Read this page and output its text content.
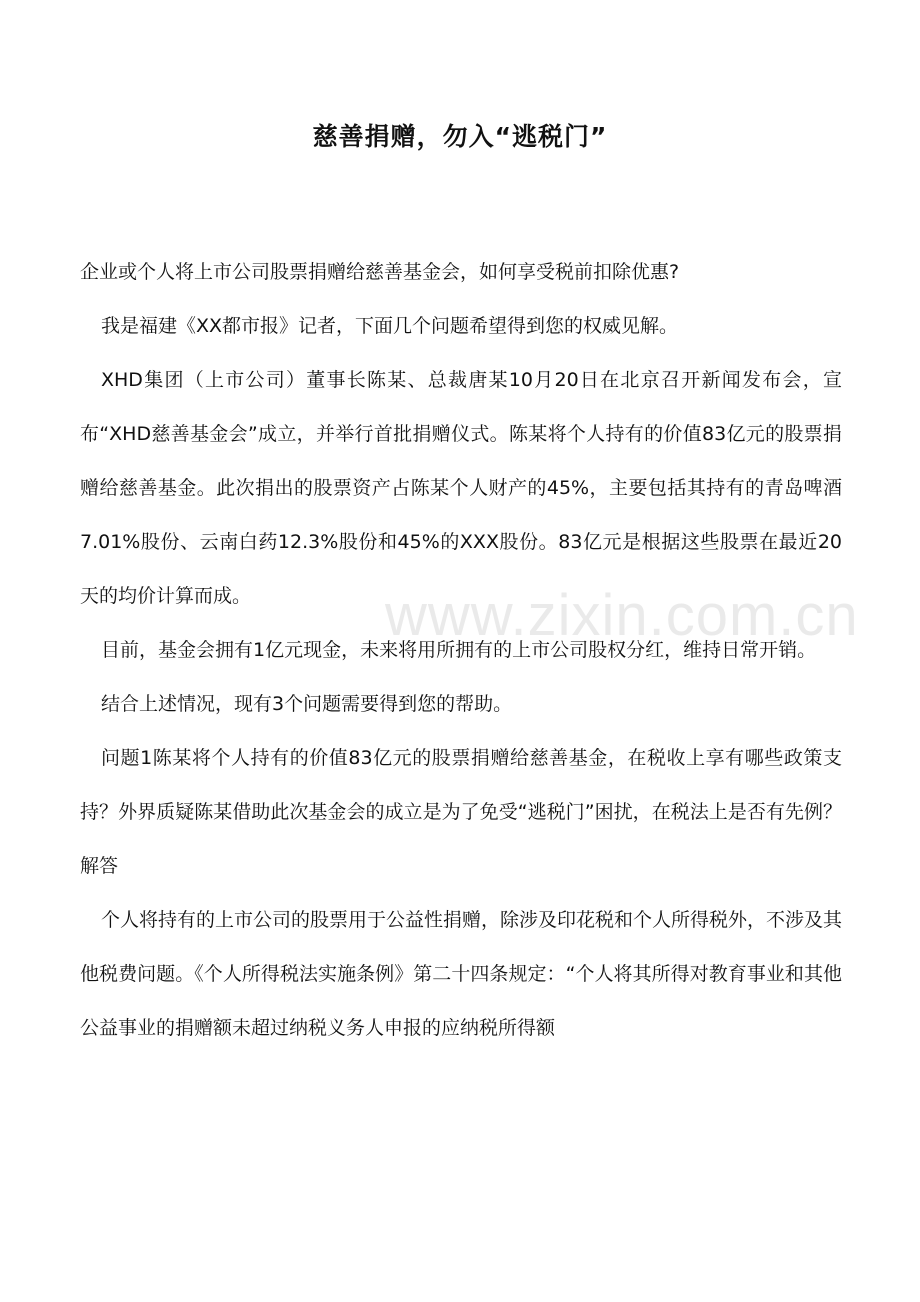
慈善捐赠，勿入“逃税门”

企业或个人将上市公司股票捐赠给慈善基金会，如何享受税前扣除优惠?

我是福建《XX都市报》记者，下面几个问题希望得到您的权威见解。

XHD集团（上市公司）董事长陈某、总裁唐某10月20日在北京召开新闻发布会，宣布“XHD慈善基金会”成立，并举行首批捐赠仪式。陈某将个人持有的价值83亿元的股票捐赠给慈善基金。此次捐出的股票资产占陈某个人财产的45%，主要包括其持有的青岛啤酒7.01%股份、云南白药12.3%股份和45%的XXX股份。83亿元是根据这些股票在最近20天的均价计算而成。

目前，基金会拥有1亿元现金，未来将用所拥有的上市公司股权分红，维持日常开销。

结合上述情况，现有3个问题需要得到您的帮助。

问题1陈某将个人持有的价值83亿元的股票捐赠给慈善基金，在税收上享有哪些政策支持？外界质疑陈某借助此次基金会的成立是为了免受“逃税门”困扰，在税法上是否有先例？解答

个人将持有的上市公司的股票用于公益性捐赠，除涉及印花税和个人所得税外，不涉及其他税费问题。《个人所得税法实施条例》第二十四条规定：“个人将其所得对教育事业和其他公益事业的捐赠额未超过纳税义务人申报的应纳税所得额

www.zixin.com.cn
